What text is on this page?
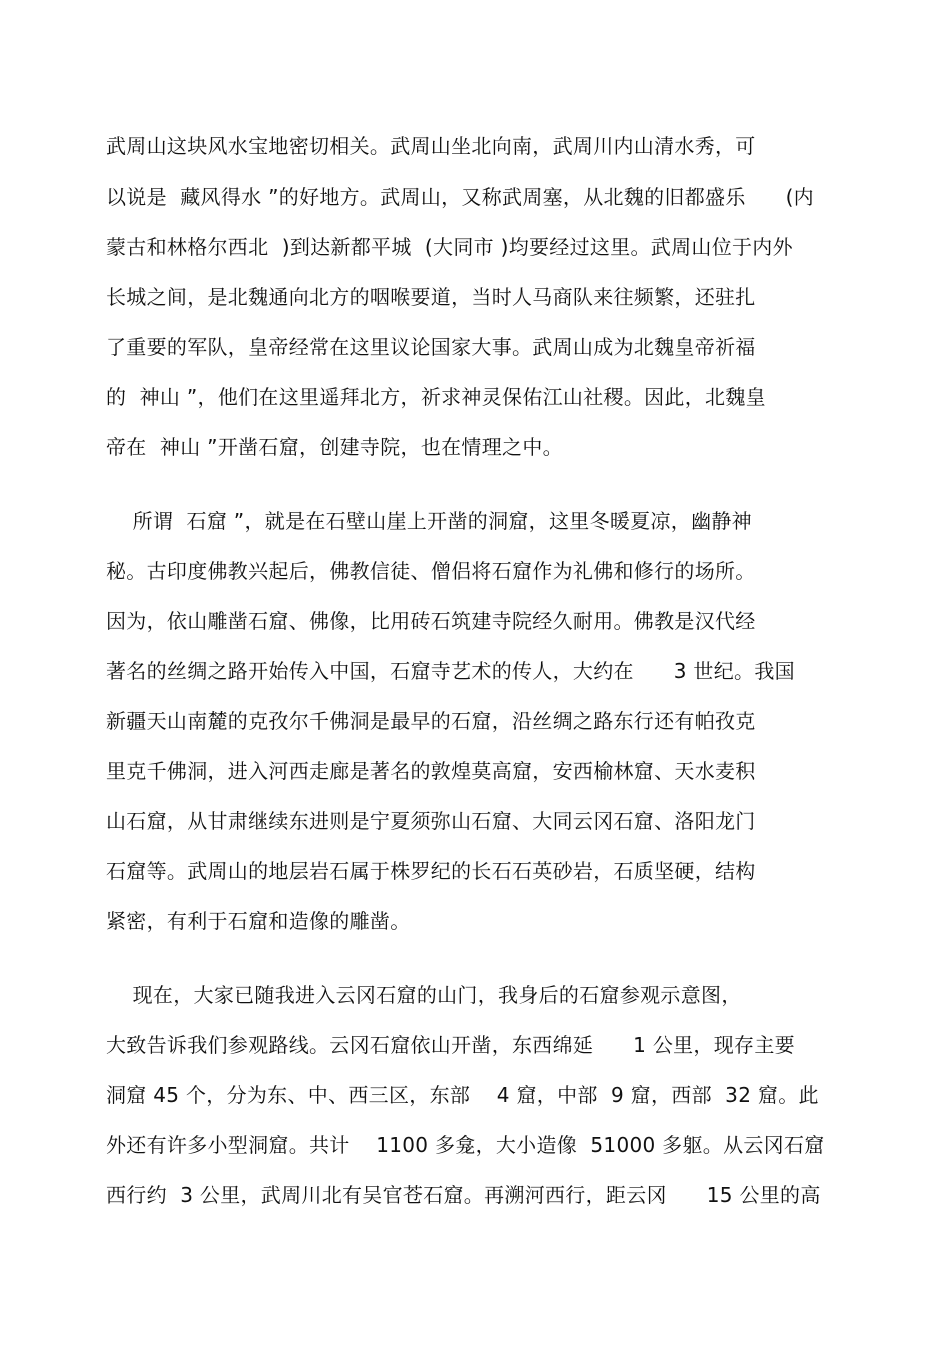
武周山这块风水宝地密切相关。武周山坐北向南，武周川内山清水秀，可
以说是  藏风得水 ”的好地方。武周山，又称武周塞，从北魏的旧都盛乐      (内
蒙古和林格尔西北  )到达新都平城  (大同市 )均要经过这里。武周山位于内外
长城之间，是北魏通向北方的咽喉要道，当时人马商队来往频繁，还驻扎
了重要的军队，皇帝经常在这里议论国家大事。武周山成为北魏皇帝祈福
的  神山 ”，他们在这里遥拜北方，祈求神灵保佑江山社稷。因此，北魏皇
帝在  神山 ”开凿石窟，创建寺院，也在情理之中。
所谓  石窟 ”，就是在石壁山崖上开凿的洞窟，这里冬暖夏凉，幽静神
秘。古印度佛教兴起后，佛教信徒、僧侣将石窟作为礼佛和修行的场所。
因为，依山雕凿石窟、佛像，比用砖石筑建寺院经久耐用。佛教是汉代经
著名的丝绸之路开始传入中国，石窟寺艺术的传人，大约在      3 世纪。我国
新疆天山南麓的克孜尔千佛洞是最早的石窟，沿丝绸之路东行还有帕孜克
里克千佛洞，进入河西走廊是著名的敦煌莫高窟，安西榆林窟、天水麦积
山石窟，从甘肃继续东进则是宁夏须弥山石窟、大同云冈石窟、洛阳龙门
石窟等。武周山的地层岩石属于株罗纪的长石石英砂岩，石质坚硬，结构
紧密，有利于石窟和造像的雕凿。
现在，大家已随我进入云冈石窟的山门，我身后的石窟参观示意图，
大致告诉我们参观路线。云冈石窟依山开凿，东西绵延      1 公里，现存主要
洞窟 45 个，分为东、中、西三区，东部    4 窟，中部  9 窟，西部  32 窟。此
外还有许多小型洞窟。共计    1100 多龛，大小造像  51000 多躯。从云冈石窟
西行约  3 公里，武周川北有吴官苍石窟。再溯河西行，距云冈      15 公里的高
